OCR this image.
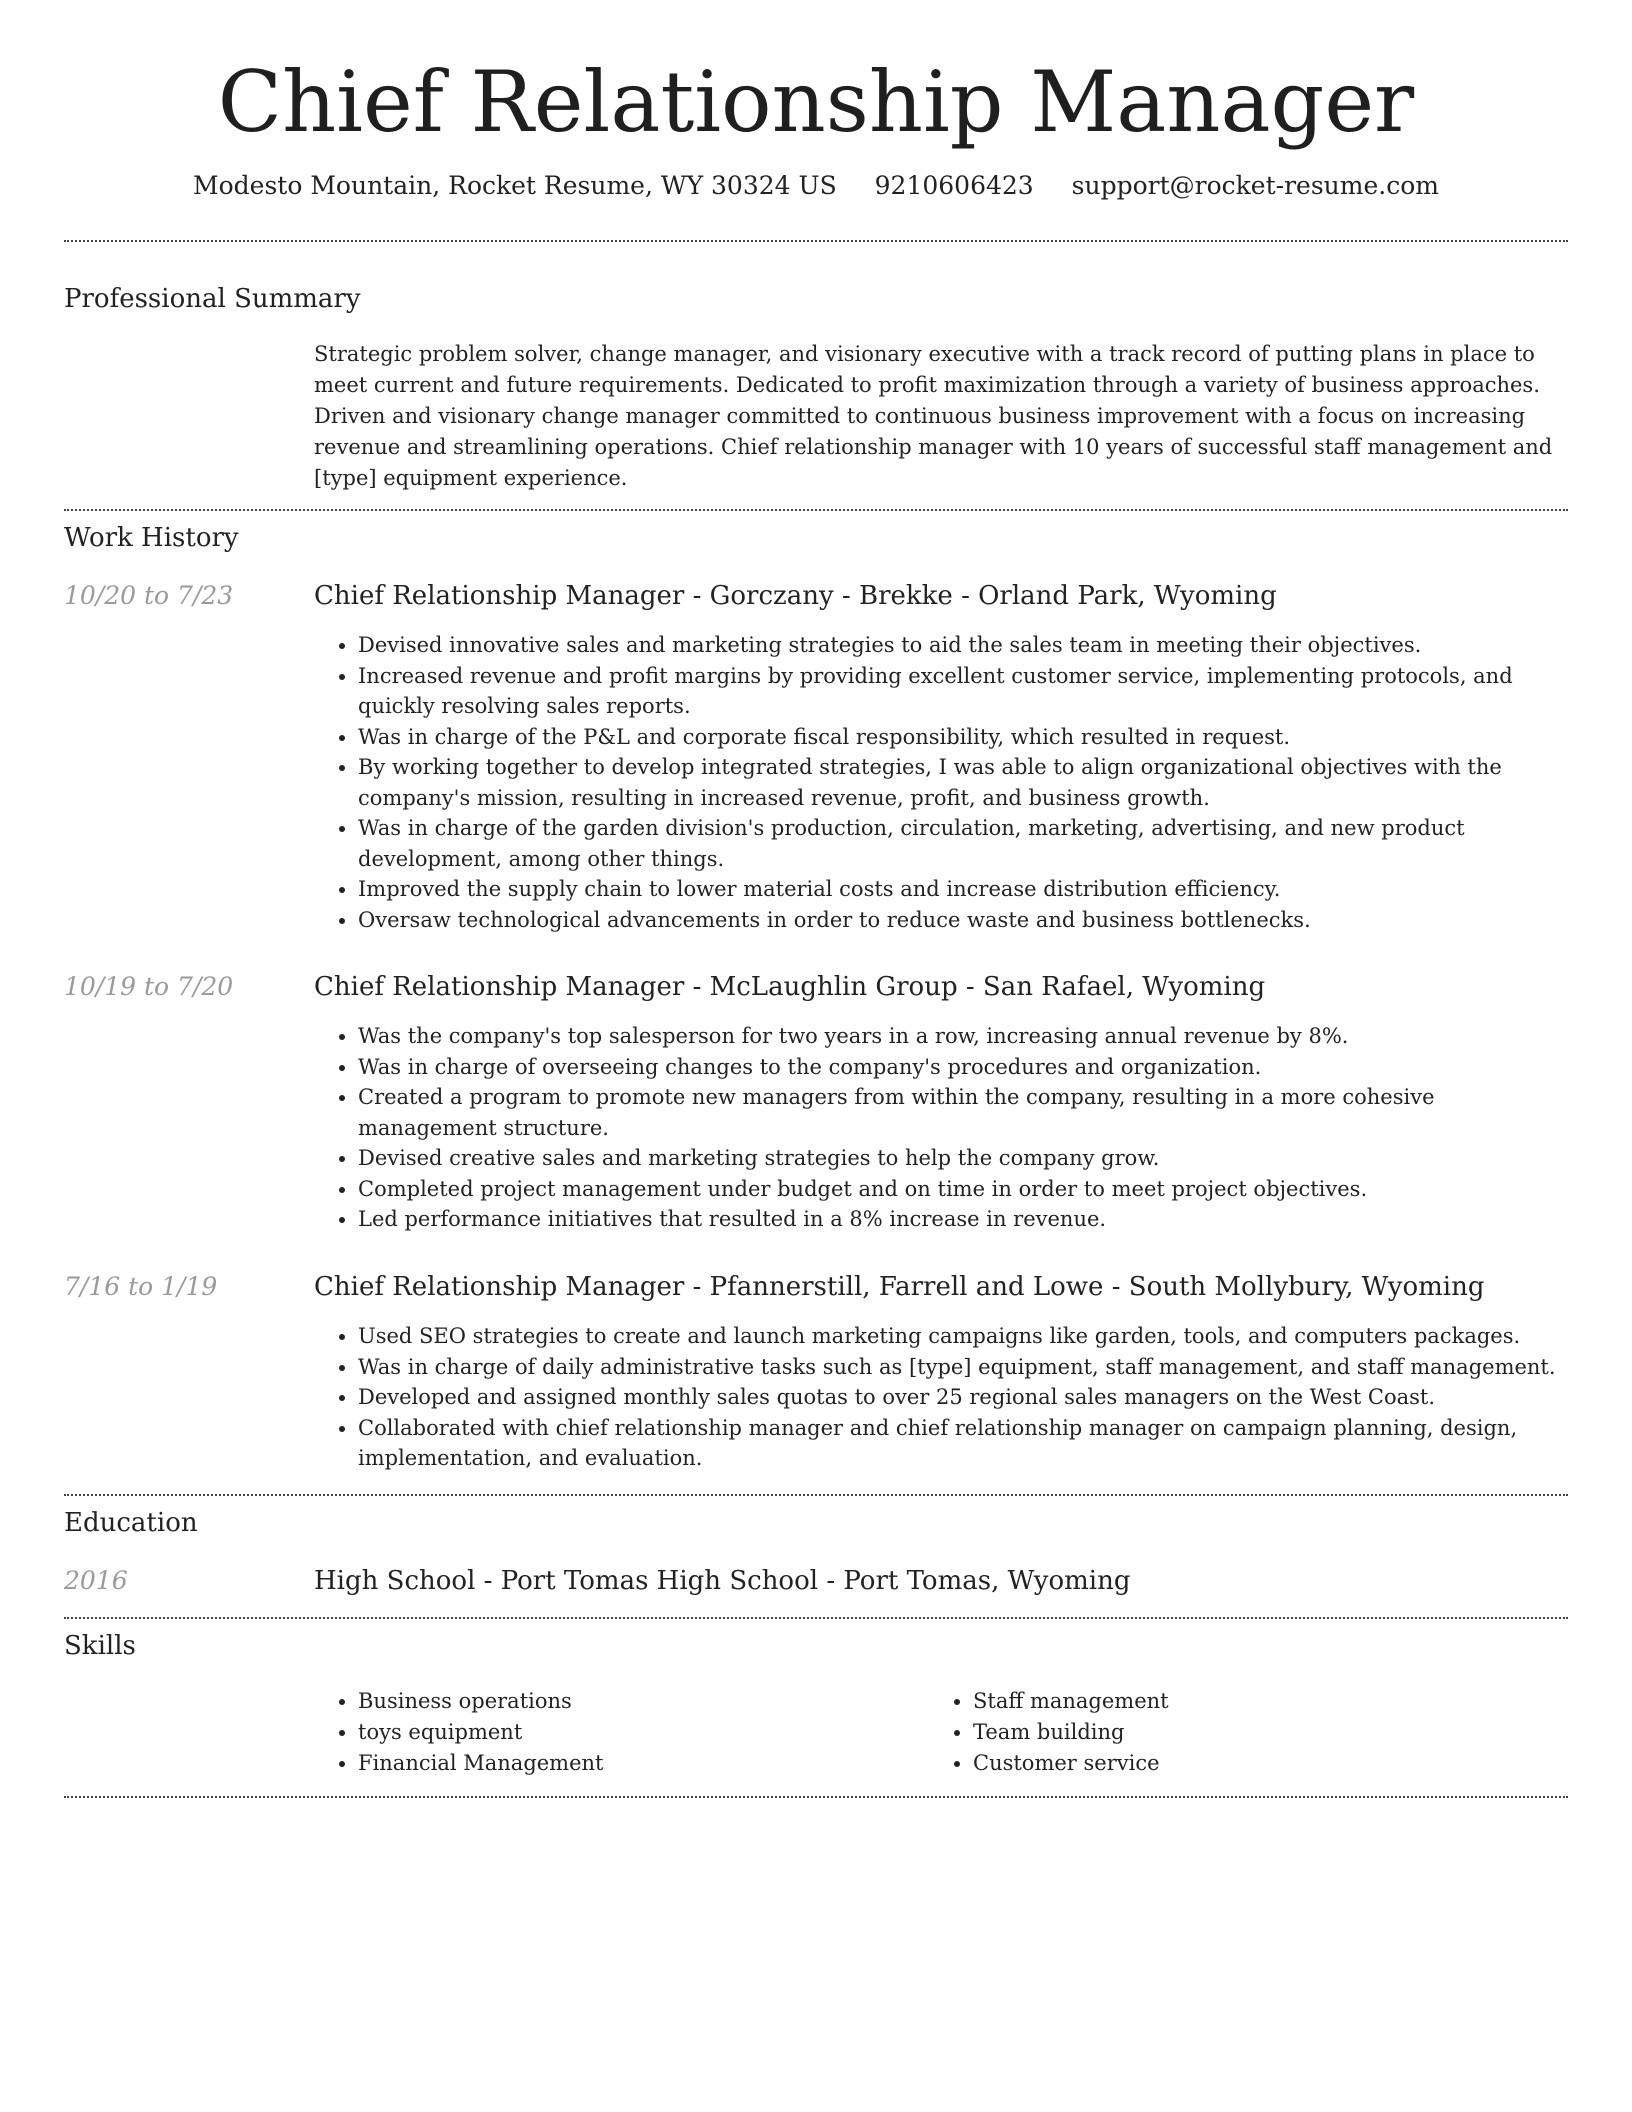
Chief Relationship Manager
Modesto Mountain, Rocket Resume, WY 30324 US 9210606423 support@rocket-resume.com
Professional Summary

Strategic problem solver, change manager, and visionary executive with a track record of putting plans in place to meet current and future requirements. Dedicated to profit maximization through a variety of business approaches. Driven and visionary change manager committed to continuous business improvement with a focus on increasing revenue and streamlining operations. Chief relationship manager with 10 years of successful staff management and [type] equipment experience.

Work History
10/20 to 7/23	Chief Relationship Manager - Gorczany - Brekke - Orland Park, Wyoming
• Devised innovative sales and marketing strategies to aid the sales team in meeting their objectives.
• Increased revenue and profit margins by providing excellent customer service, implementing protocols, and quickly resolving sales reports.
• Was in charge of the P&L and corporate fiscal responsibility, which resulted in request.
• By working together to develop integrated strategies, I was able to align organizational objectives with the company's mission, resulting in increased revenue, profit, and business growth.
• Was in charge of the garden division's production, circulation, marketing, advertising, and new product development, among other things.
• Improved the supply chain to lower material costs and increase distribution efficiency.
• Oversaw technological advancements in order to reduce waste and business bottlenecks.
10/19 to 7/20	Chief Relationship Manager - McLaughlin Group - San Rafael, Wyoming
• Was the company's top salesperson for two years in a row, increasing annual revenue by 8%.
• Was in charge of overseeing changes to the company's procedures and organization.
• Created a program to promote new managers from within the company, resulting in a more cohesive management structure.
• Devised creative sales and marketing strategies to help the company grow.
• Completed project management under budget and on time in order to meet project objectives.
• Led performance initiatives that resulted in a 8% increase in revenue.
7/16 to 1/19	Chief Relationship Manager - Pfannerstill, Farrell and Lowe - South Mollybury, Wyoming
• Used SEO strategies to create and launch marketing campaigns like garden, tools, and computers packages.
• Was in charge of daily administrative tasks such as [type] equipment, staff management, and staff management.
• Developed and assigned monthly sales quotas to over 25 regional sales managers on the West Coast.
• Collaborated with chief relationship manager and chief relationship manager on campaign planning, design, implementation, and evaluation.
Education
2016	High School - Port Tomas High School - Port Tomas, Wyoming
Skills
• Business operations
• toys equipment
• Financial Management
• Staff management
• Team building
• Customer service
